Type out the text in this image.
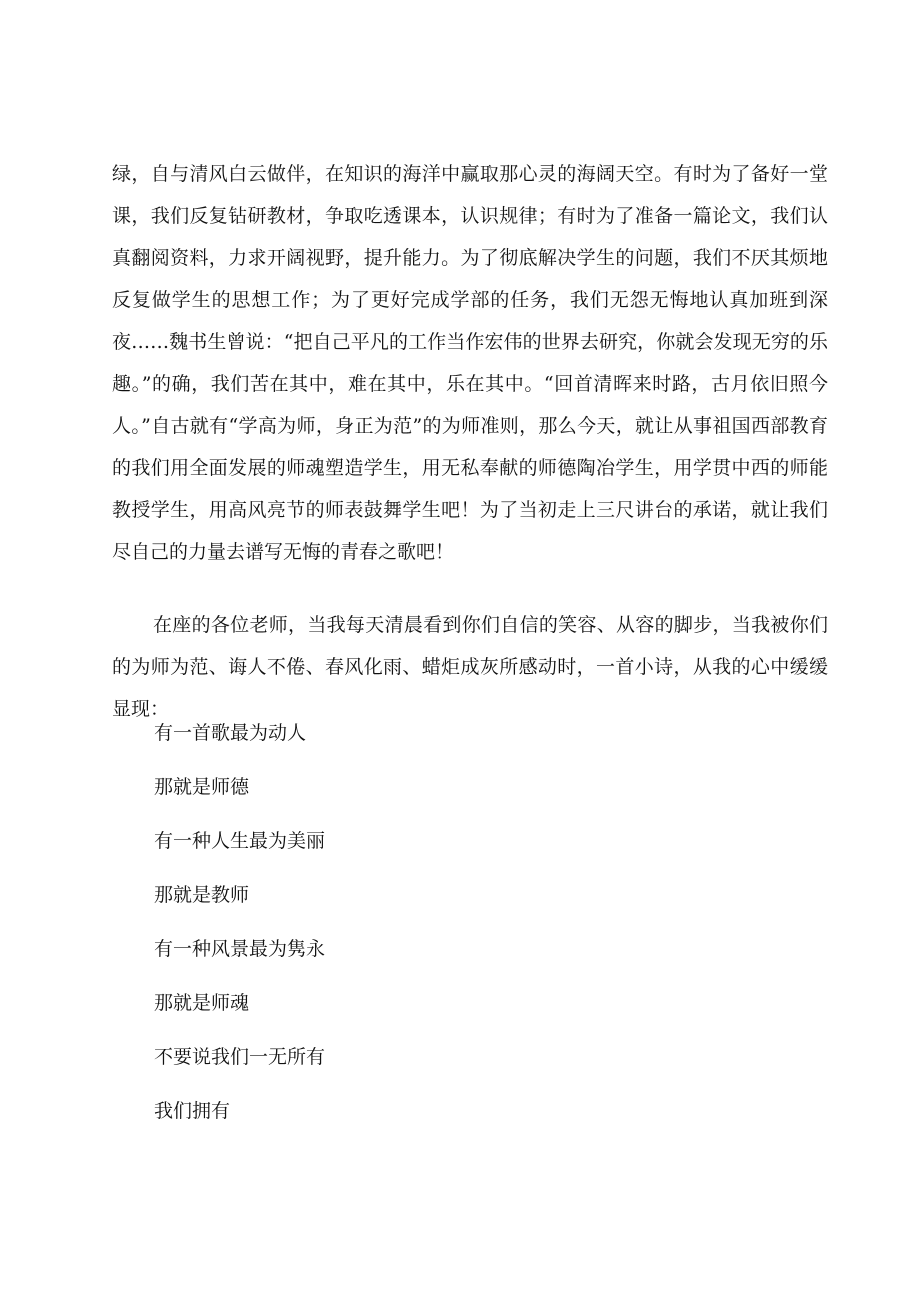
绿，自与清风白云做伴，在知识的海洋中赢取那心灵的海阔天空。有时为了备好一堂课，我们反复钻研教材，争取吃透课本，认识规律；有时为了准备一篇论文，我们认真翻阅资料，力求开阔视野，提升能力。为了彻底解决学生的问题，我们不厌其烦地反复做学生的思想工作；为了更好完成学部的任务，我们无怨无悔地认真加班到深夜……魏书生曾说：“把自己平凡的工作当作宏伟的世界去研究，你就会发现无穷的乐趣。”的确，我们苦在其中，难在其中，乐在其中。“回首清晖来时路，古月依旧照今人。”自古就有“学高为师，身正为范”的为师准则，那么今天，就让从事祖国西部教育的我们用全面发展的师魂塑造学生，用无私奉献的师德陶冶学生，用学贯中西的师能教授学生，用高风亮节的师表鼓舞学生吧！为了当初走上三尺讲台的承诺，就让我们尽自己的力量去谱写无悔的青春之歌吧！

在座的各位老师，当我每天清晨看到你们自信的笑容、从容的脚步，当我被你们的为师为范、诲人不倦、春风化雨、蜡炬成灰所感动时，一首小诗，从我的心中缓缓显现：

有一首歌最为动人
那就是师德
有一种人生最为美丽
那就是教师
有一种风景最为隽永
那就是师魂
不要说我们一无所有
我们拥有
